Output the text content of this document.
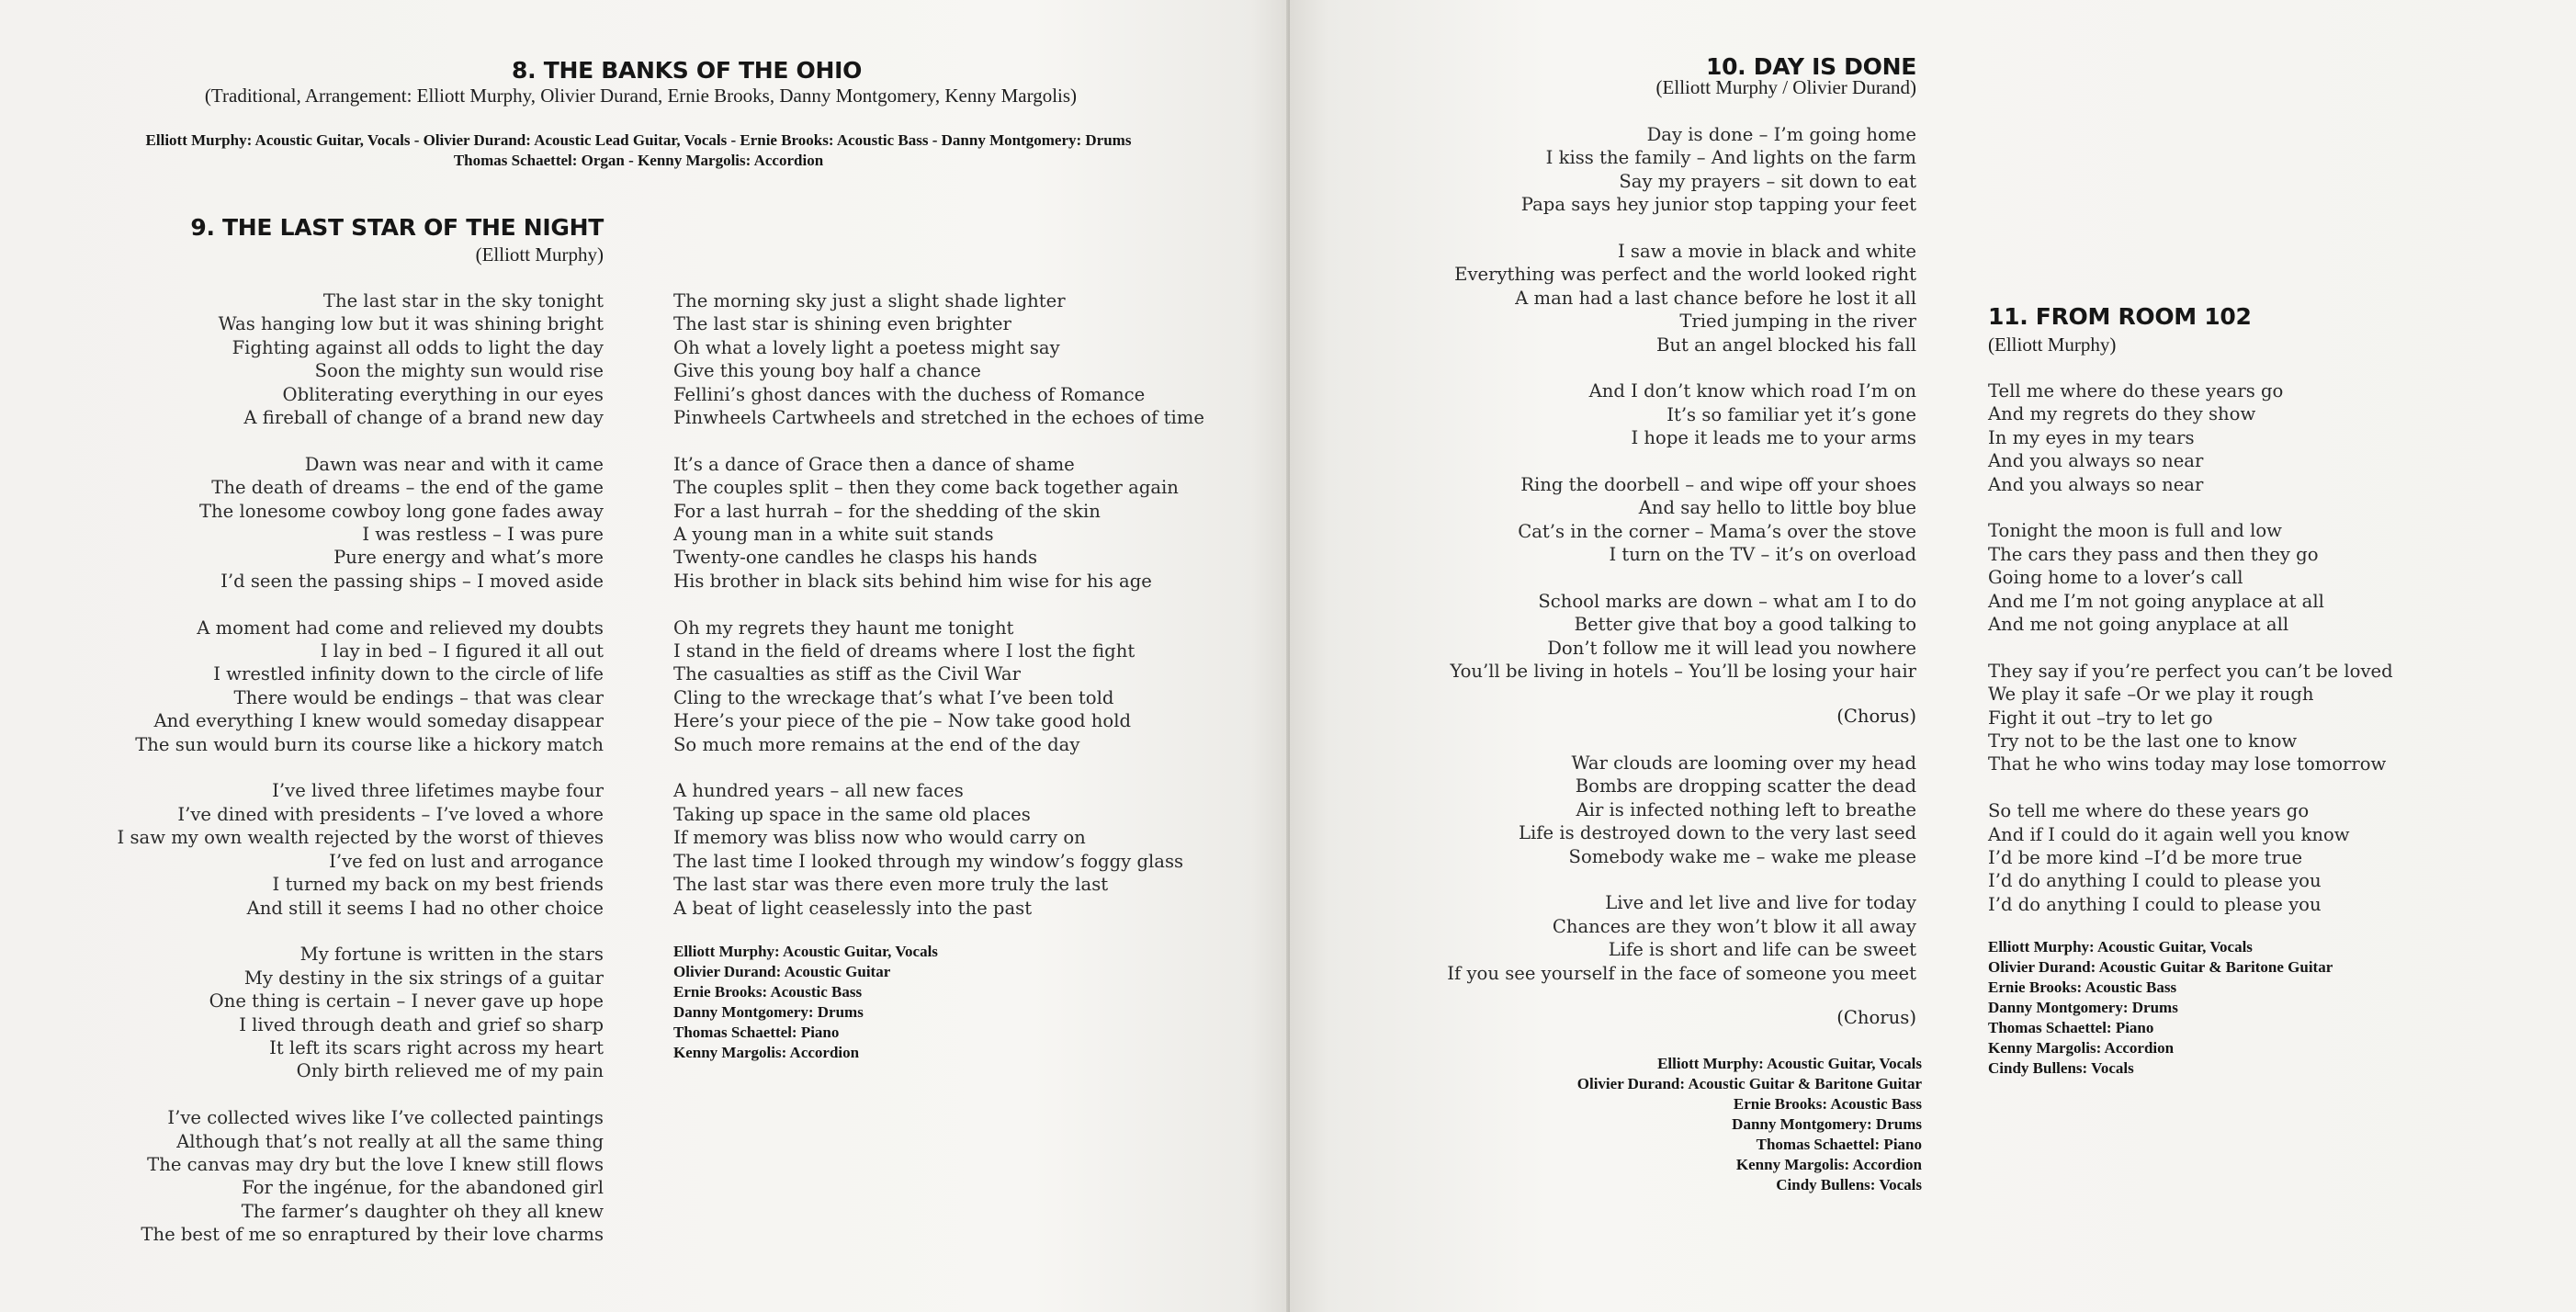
8. THE BANKS OF THE OHIO
(Traditional, Arrangement: Elliott Murphy, Olivier Durand, Ernie Brooks, Danny Montgomery, Kenny Margolis)
Elliott Murphy: Acoustic Guitar, Vocals - Olivier Durand: Acoustic Lead Guitar, Vocals - Ernie Brooks: Acoustic Bass - Danny Montgomery: Drums
Thomas Schaettel: Organ - Kenny Margolis: Accordion
9. THE LAST STAR OF THE NIGHT
(Elliott Murphy)
The last star in the sky tonight
Was hanging low but it was shining bright
Fighting against all odds to light the day
Soon the mighty sun would rise
Obliterating everything in our eyes
A fireball of change of a brand new day
Dawn was near and with it came
The death of dreams – the end of the game
The lonesome cowboy long gone fades away
I was restless – I was pure
Pure energy and what’s more
I’d seen the passing ships – I moved aside
A moment had come and relieved my doubts
I lay in bed – I figured it all out
I wrestled infinity down to the circle of life
There would be endings – that was clear
And everything I knew would someday disappear
The sun would burn its course like a hickory match
I’ve lived three lifetimes maybe four
I’ve dined with presidents – I’ve loved a whore
I saw my own wealth rejected by the worst of thieves
I’ve fed on lust and arrogance
I turned my back on my best friends
And still it seems I had no other choice
My fortune is written in the stars
My destiny in the six strings of a guitar
One thing is certain – I never gave up hope
I lived through death and grief so sharp
It left its scars right across my heart
Only birth relieved me of my pain
I’ve collected wives like I’ve collected paintings
Although that’s not really at all the same thing
The canvas may dry but the love I knew still flows
For the ingénue, for the abandoned girl
The farmer’s daughter oh they all knew
The best of me so enraptured by their love charms
The morning sky just a slight shade lighter
The last star is shining even brighter
Oh what a lovely light a poetess might say
Give this young boy half a chance
Fellini’s ghost dances with the duchess of Romance
Pinwheels Cartwheels and stretched in the echoes of time
It’s a dance of Grace then a dance of shame
The couples split – then they come back together again
For a last hurrah – for the shedding of the skin
A young man in a white suit stands
Twenty-one candles he clasps his hands
His brother in black sits behind him wise for his age
Oh my regrets they haunt me tonight
I stand in the field of dreams where I lost the fight
The casualties as stiff as the Civil War
Cling to the wreckage that’s what I’ve been told
Here’s your piece of the pie – Now take good hold
So much more remains at the end of the day
A hundred years – all new faces
Taking up space in the same old places
If memory was bliss now who would carry on
The last time I looked through my window’s foggy glass
The last star was there even more truly the last
A beat of light ceaselessly into the past
Elliott Murphy: Acoustic Guitar, Vocals
Olivier Durand: Acoustic Guitar
Ernie Brooks: Acoustic Bass
Danny Montgomery: Drums
Thomas Schaettel: Piano
Kenny Margolis: Accordion
10. DAY IS DONE
(Elliott Murphy / Olivier Durand)
Day is done – I’m going home
I kiss the family – And lights on the farm
Say my prayers – sit down to eat
Papa says hey junior stop tapping your feet
I saw a movie in black and white
Everything was perfect and the world looked right
A man had a last chance before he lost it all
Tried jumping in the river
But an angel blocked his fall
And I don’t know which road I’m on
It’s so familiar yet it’s gone
I hope it leads me to your arms
Ring the doorbell – and wipe off your shoes
And say hello to little boy blue
Cat’s in the corner – Mama’s over the stove
I turn on the TV – it’s on overload
School marks are down – what am I to do
Better give that boy a good talking to
Don’t follow me it will lead you nowhere
You’ll be living in hotels – You’ll be losing your hair
(Chorus)
War clouds are looming over my head
Bombs are dropping scatter the dead
Air is infected nothing left to breathe
Life is destroyed down to the very last seed
Somebody wake me – wake me please
Live and let live and live for today
Chances are they won’t blow it all away
Life is short and life can be sweet
If you see yourself in the face of someone you meet
(Chorus)
Elliott Murphy: Acoustic Guitar, Vocals
Olivier Durand: Acoustic Guitar & Baritone Guitar
Ernie Brooks: Acoustic Bass
Danny Montgomery: Drums
Thomas Schaettel: Piano
Kenny Margolis: Accordion
Cindy Bullens: Vocals
11. FROM ROOM 102
(Elliott Murphy)
Tell me where do these years go
And my regrets do they show
In my eyes in my tears
And you always so near
And you always so near
Tonight the moon is full and low
The cars they pass and then they go
Going home to a lover’s call
And me I’m not going anyplace at all
And me not going anyplace at all
They say if you’re perfect you can’t be loved
We play it safe –Or we play it rough
Fight it out –try to let go
Try not to be the last one to know
That he who wins today may lose tomorrow
So tell me where do these years go
And if I could do it again well you know
I’d be more kind –I’d be more true
I’d do anything I could to please you
I’d do anything I could to please you
Elliott Murphy: Acoustic Guitar, Vocals
Olivier Durand: Acoustic Guitar & Baritone Guitar
Ernie Brooks: Acoustic Bass
Danny Montgomery: Drums
Thomas Schaettel: Piano
Kenny Margolis: Accordion
Cindy Bullens: Vocals
